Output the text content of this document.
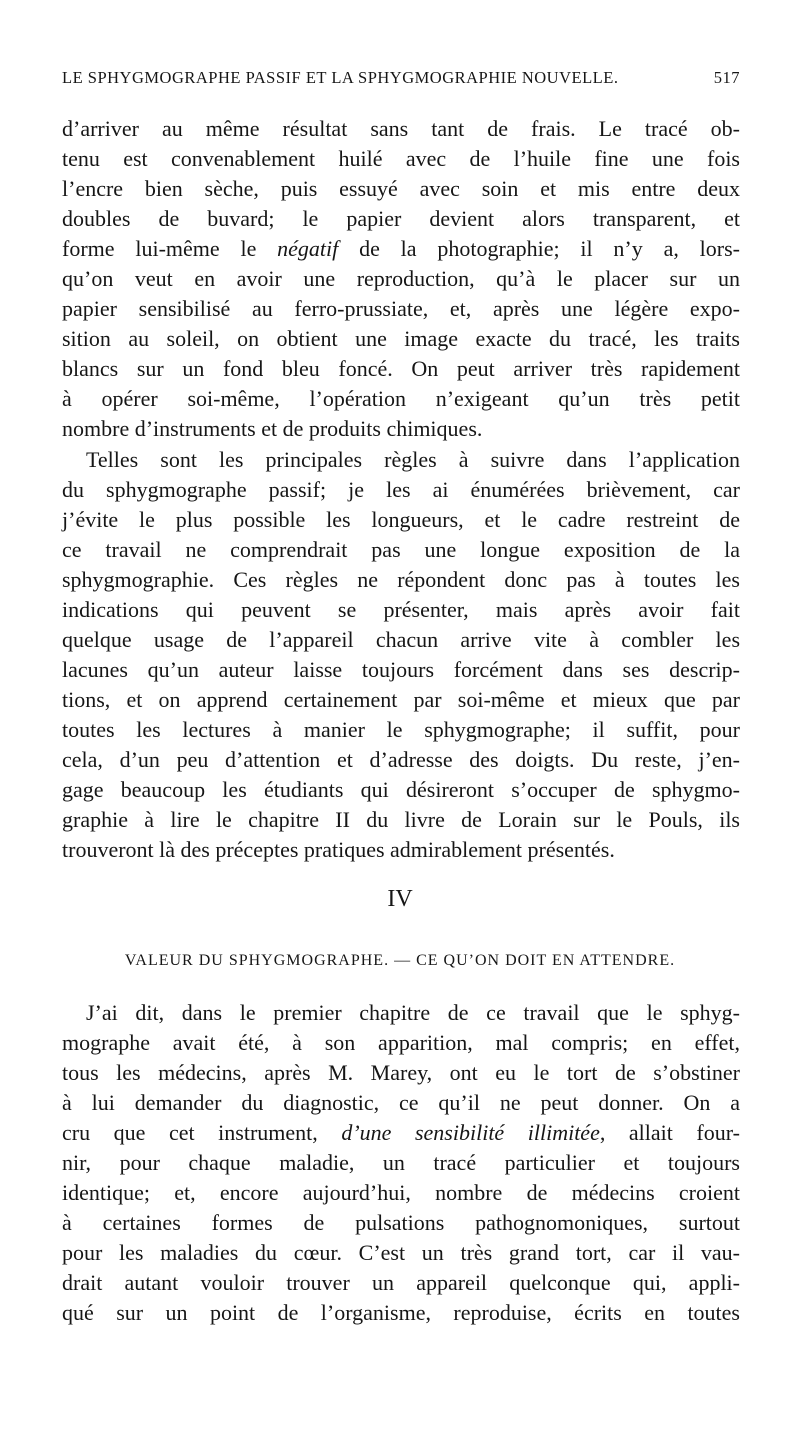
LE SPHYGMOGRAPHE PASSIF ET LA SPHYGMOGRAPHIE NOUVELLE.	517
d’arriver au même résultat sans tant de frais. Le tracé ob-
tenu est convenablement huilé avec de l’huile fine une fois
l’encre bien sèche, puis essuyé avec soin et mis entre deux
doubles de buvard; le papier devient alors transparent, et
forme lui-même le négatif de la photographie; il n’y a, lors-
qu’on veut en avoir une reproduction, qu’à le placer sur un
papier sensibilisé au ferro-prussiate, et, après une légère expo-
sition au soleil, on obtient une image exacte du tracé, les traits
blancs sur un fond bleu foncé. On peut arriver très rapidement
à opérer soi-même, l’opération n’exigeant qu’un très petit
nombre d’instruments et de produits chimiques.
Telles sont les principales règles à suivre dans l’application
du sphygmographe passif; je les ai énumérées brièvement, car
j’évite le plus possible les longueurs, et le cadre restreint de
ce travail ne comprendrait pas une longue exposition de la
sphygmographie. Ces règles ne répondent donc pas à toutes les
indications qui peuvent se présenter, mais après avoir fait
quelque usage de l’appareil chacun arrive vite à combler les
lacunes qu’un auteur laisse toujours forcément dans ses descrip-
tions, et on apprend certainement par soi-même et mieux que par
toutes les lectures à manier le sphygmographe; il suffit, pour
cela, d’un peu d’attention et d’adresse des doigts. Du reste, j’en-
gage beaucoup les étudiants qui désireront s’occuper de sphygmo-
graphie à lire le chapitre II du livre de Lorain sur le Pouls, ils
trouveront là des préceptes pratiques admirablement présentés.
IV
VALEUR DU SPHYGMOGRAPHE. — CE QU’ON DOIT EN ATTENDRE.
J’ai dit, dans le premier chapitre de ce travail que le sphyg-
mographe avait été, à son apparition, mal compris; en effet,
tous les médecins, après M. Marey, ont eu le tort de s’obstiner
à lui demander du diagnostic, ce qu’il ne peut donner. On a
cru que cet instrument, d’une sensibilité illimitée, allait four-
nir, pour chaque maladie, un tracé particulier et toujours
identique; et, encore aujourd’hui, nombre de médecins croient
à certaines formes de pulsations pathognomoniques, surtout
pour les maladies du cœur. C’est un très grand tort, car il vau-
drait autant vouloir trouver un appareil quelconque qui, appli-
qué sur un point de l’organisme, reproduise, écrits en toutes
